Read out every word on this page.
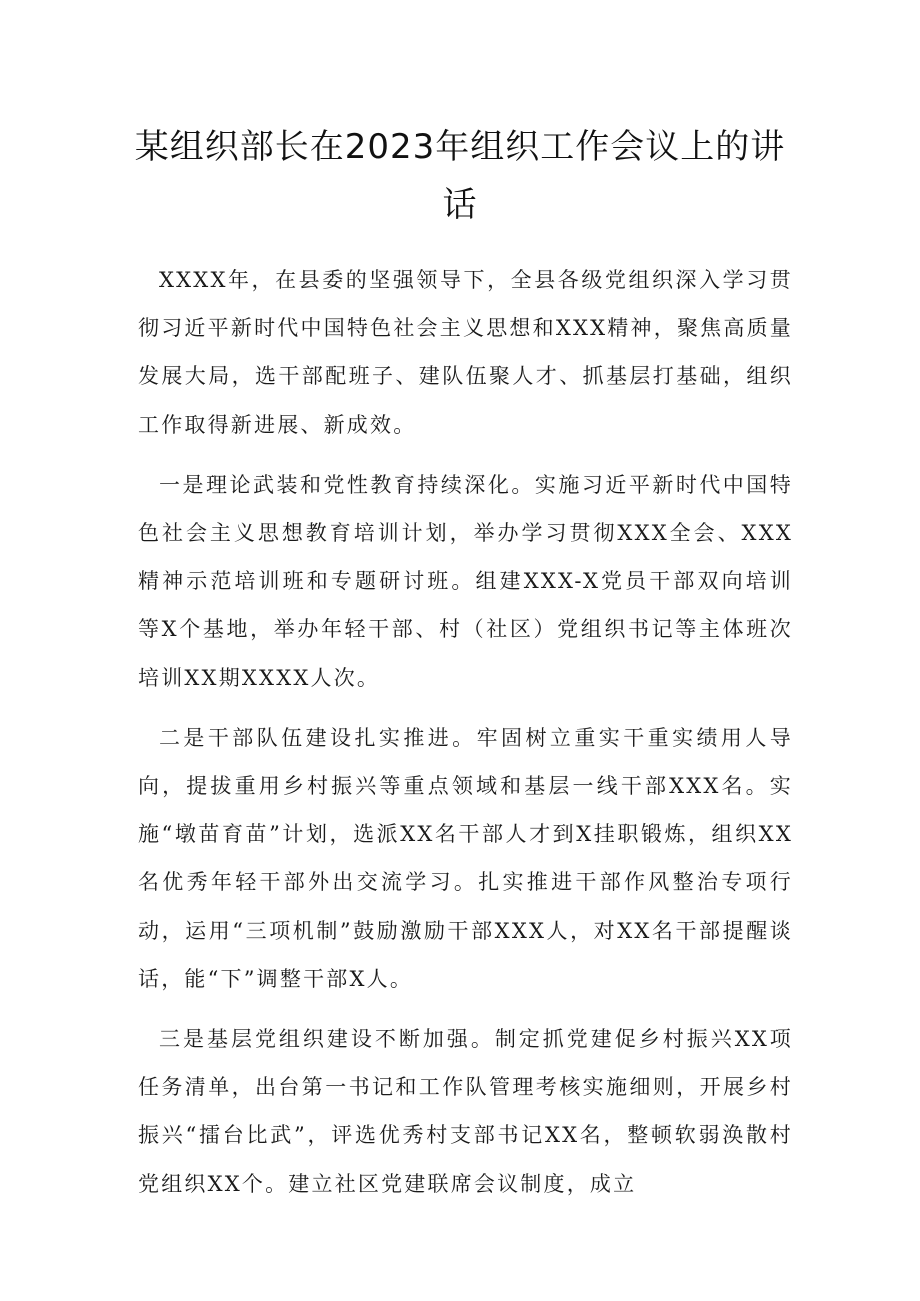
某组织部长在2023年组织工作会议上的讲话

XXXX年，在县委的坚强领导下，全县各级党组织深入学习贯彻习近平新时代中国特色社会主义思想和XXX精神，聚焦高质量发展大局，选干部配班子、建队伍聚人才、抓基层打基础，组织工作取得新进展、新成效。

一是理论武装和党性教育持续深化。实施习近平新时代中国特色社会主义思想教育培训计划，举办学习贯彻XXX全会、XXX精神示范培训班和专题研讨班。组建XXX-X党员干部双向培训等X个基地，举办年轻干部、村（社区）党组织书记等主体班次培训XX期XXXX人次。

二是干部队伍建设扎实推进。牢固树立重实干重实绩用人导向，提拔重用乡村振兴等重点领域和基层一线干部XXX名。实施“墩苗育苗”计划，选派XX名干部人才到X挂职锻炼，组织XX名优秀年轻干部外出交流学习。扎实推进干部作风整治专项行动，运用“三项机制”鼓励激励干部XXX人，对XX名干部提醒谈话，能“下”调整干部X人。

三是基层党组织建设不断加强。制定抓党建促乡村振兴XX项任务清单，出台第一书记和工作队管理考核实施细则，开展乡村振兴“擂台比武”，评选优秀村支部书记XX名，整顿软弱涣散村党组织XX个。建立社区党建联席会议制度，成立
